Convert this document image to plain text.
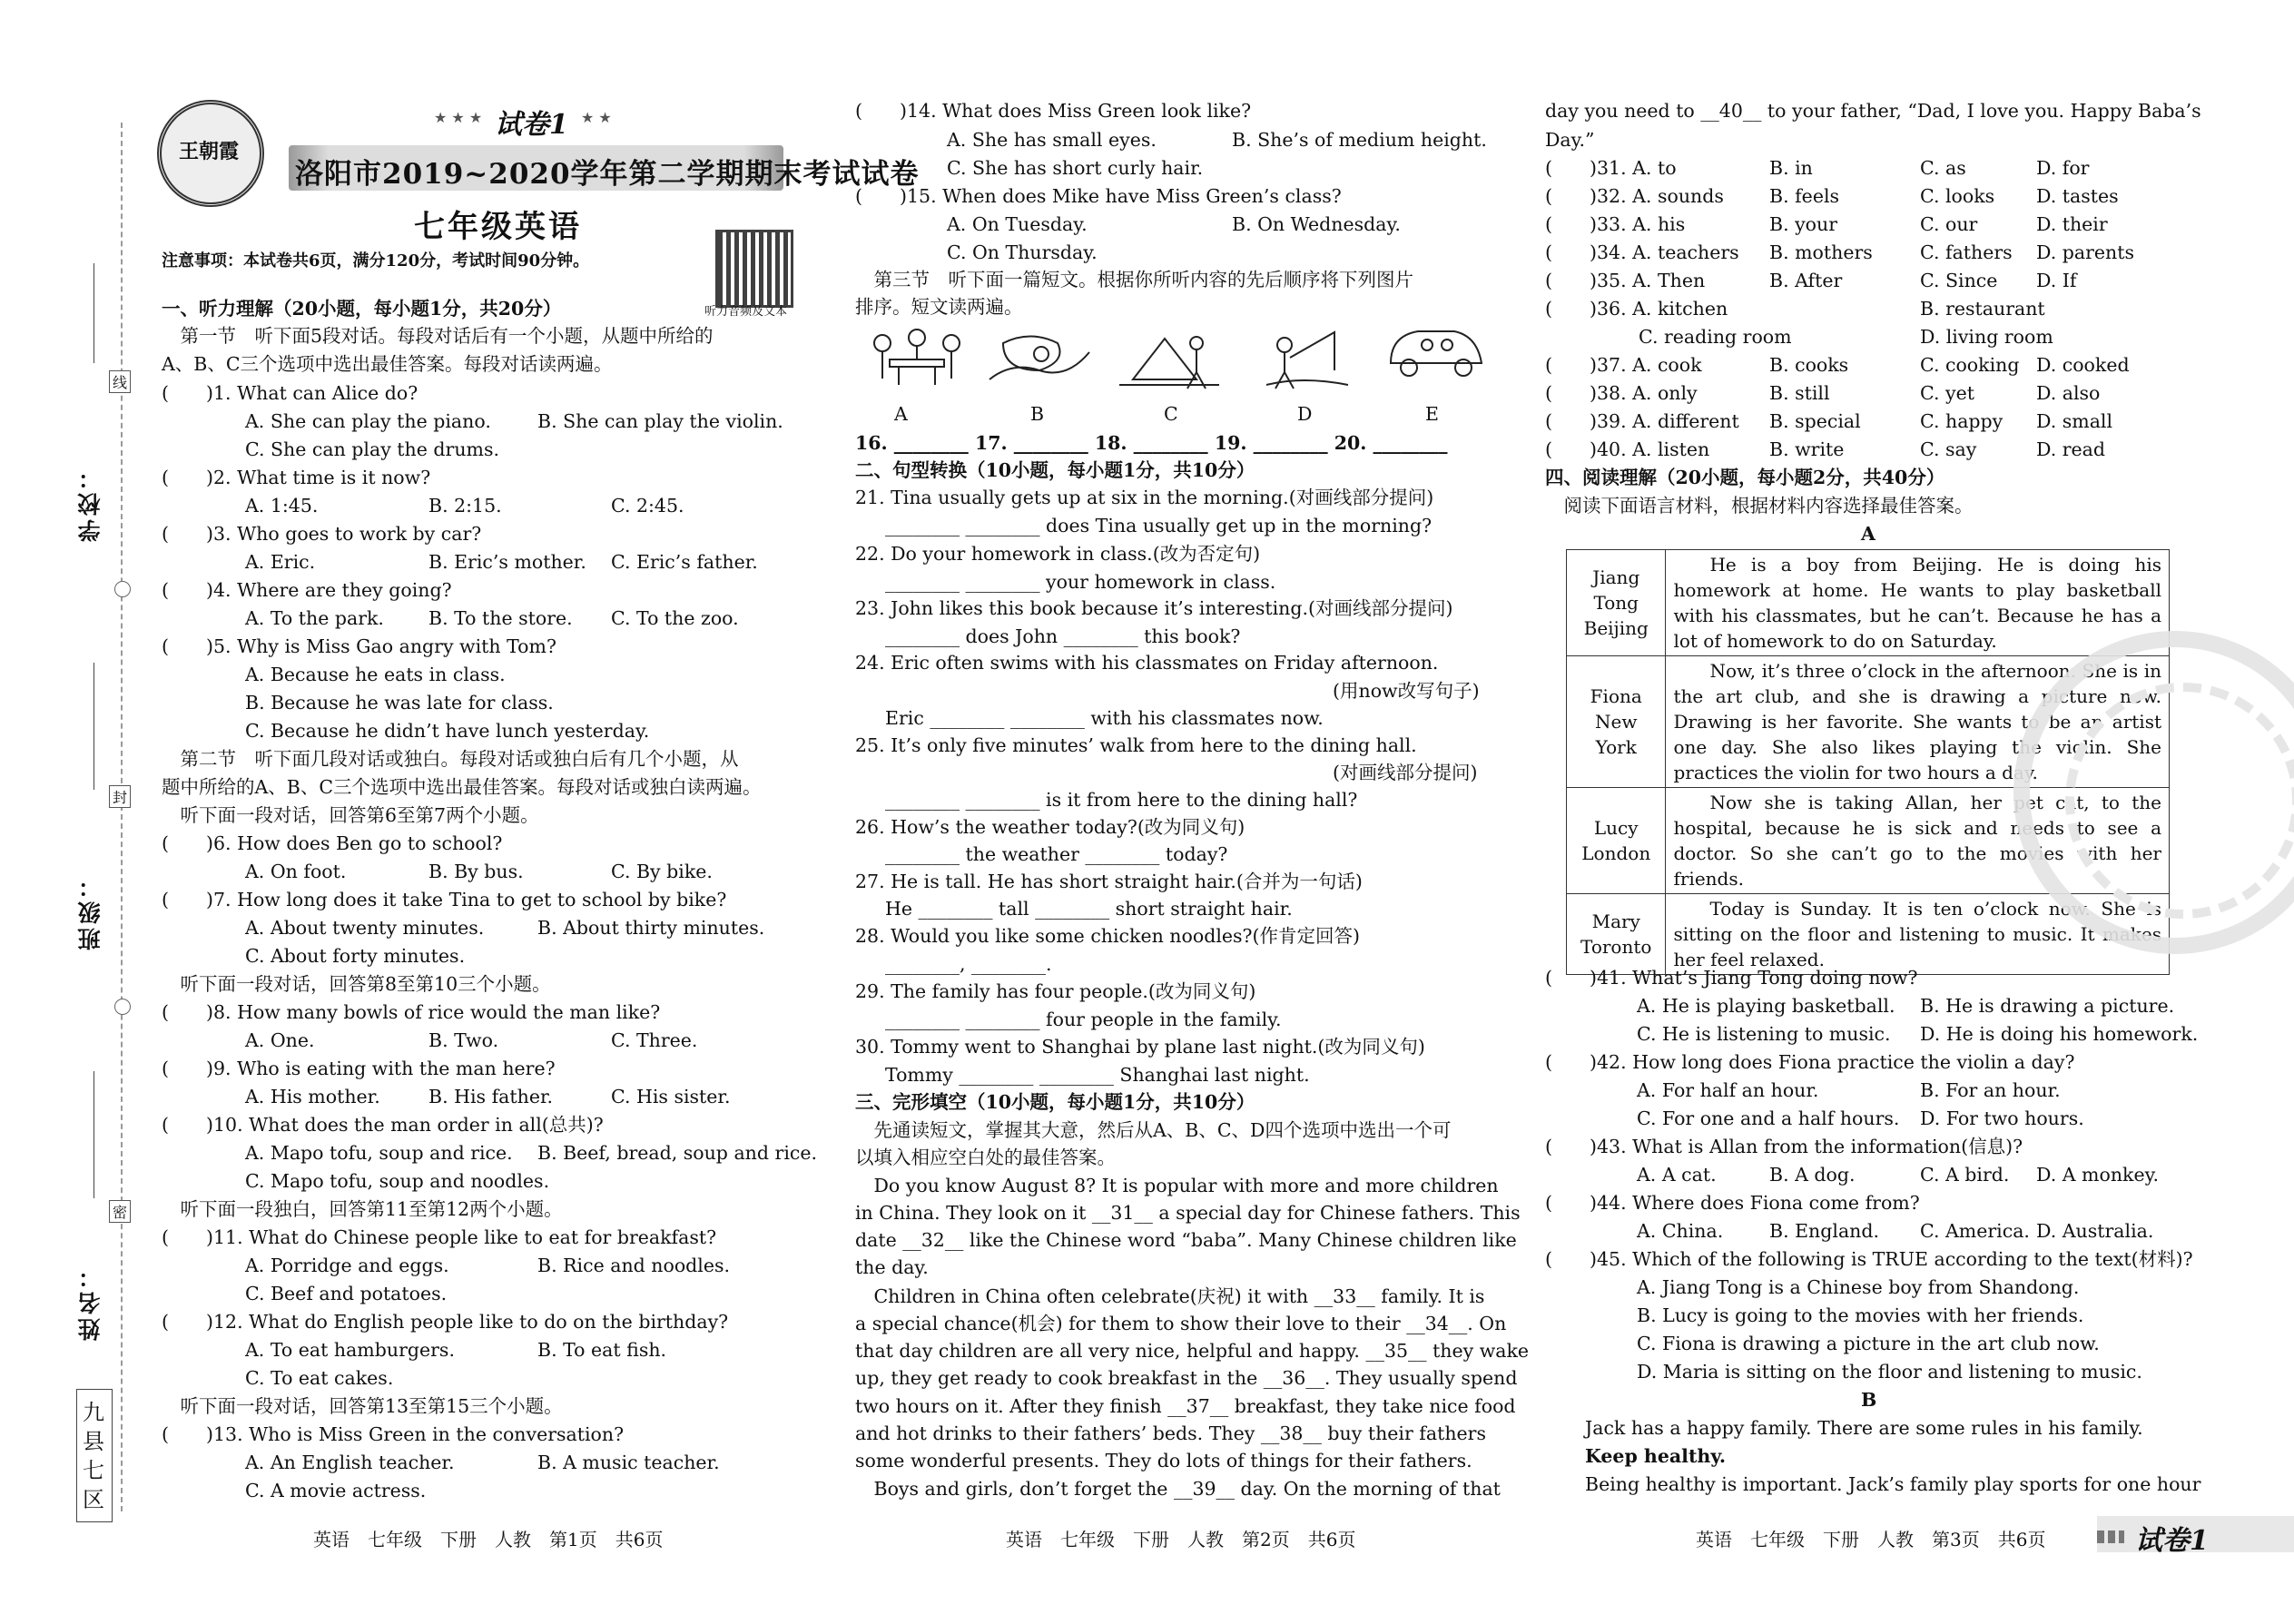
学校：
班级：
姓名：
线
封
密
九县七区
王朝霞
★ ★ ★ 试卷1 ★ ★
洛阳市2019~2020学年第二学期期末考试试卷
七年级英语
注意事项：本试卷共6页，满分120分，考试时间90分钟。
听力音频及文本
一、听力理解（20小题，每小题1分，共20分）
　第一节　听下面5段对话。每段对话后有一个小题，从题中所给的
A、B、C三个选项中选出最佳答案。每段对话读两遍。
(　　)1. What can Alice do?
A. She can play the piano. B. She can play the violin.
C. She can play the drums.
(　　)2. What time is it now?
A. 1:45.	B. 2:15.	C. 2:45.
(　　)3. Who goes to work by car?
A. Eric.	B. Eric’s mother. C. Eric’s father.
(　　)4. Where are they going?
A. To the park. B. To the store. C. To the zoo.
(　　)5. Why is Miss Gao angry with Tom?
A. Because he eats in class.
B. Because he was late for class.
C. Because he didn’t have lunch yesterday.
　第二节　听下面几段对话或独白。每段对话或独白后有几个小题，从
题中所给的A、B、C三个选项中选出最佳答案。每段对话或独白读两遍。
　听下面一段对话，回答第6至第7两个小题。
(　　)6. How does Ben go to school?
A. On foot.	B. By bus.	C. By bike.
(　　)7. How long does it take Tina to get to school by bike?
A. About twenty minutes.	B. About thirty minutes.
C. About forty minutes.
　听下面一段对话，回答第8至第10三个小题。
(　　)8. How many bowls of rice would the man like?
A. One.	B. Two.	C. Three.
(　　)9. Who is eating with the man here?
A. His mother.	B. His father.	C. His sister.
(　　)10. What does the man order in all(总共)?
A. Mapo tofu, soup and rice. B. Beef, bread, soup and rice.
C. Mapo tofu, soup and noodles.
　听下面一段独白，回答第11至第12两个小题。
(　　)11. What do Chinese people like to eat for breakfast?
A. Porridge and eggs.	B. Rice and noodles.
C. Beef and potatoes.
(　　)12. What do English people like to do on the birthday?
A. To eat hamburgers.	B. To eat fish.
C. To eat cakes.
　听下面一段对话，回答第13至第15三个小题。
(　　)13. Who is Miss Green in the conversation?
A. An English teacher.	B. A music teacher.
C. A movie actress.
英语　七年级　下册　人教　第1页　共6页
(　　)14. What does Miss Green look like?
A. She has small eyes.	B. She’s of medium height.
C. She has short curly hair.
(　　)15. When does Mike have Miss Green’s class?
A. On Tuesday.	B. On Wednesday.
C. On Thursday.
　第三节　听下面一篇短文。根据你所听内容的先后顺序将下列图片
排序。短文读两遍。
A	B	C	D	E
16. ________ 17. ________ 18. ________ 19. ________ 20. ________
二、句型转换（10小题，每小题1分，共10分）
21. Tina usually gets up at six in the morning.(对画线部分提问)
________ ________ does Tina usually get up in the morning?
22. Do your homework in class.(改为否定句)
________ ________ your homework in class.
23. John likes this book because it’s interesting.(对画线部分提问)
________ does John ________ this book?
24. Eric often swims with his classmates on Friday afternoon.
(用now改写句子)
Eric ________ ________ with his classmates now.
25. It’s only five minutes’ walk from here to the dining hall.
(对画线部分提问)
________ ________ is it from here to the dining hall?
26. How’s the weather today?(改为同义句)
________ the weather ________ today?
27. He is tall. He has short straight hair.(合并为一句话)
He ________ tall ________ short straight hair.
28. Would you like some chicken noodles?(作肯定回答)
________, ________.
29. The family has four people.(改为同义句)
________ ________ four people in the family.
30. Tommy went to Shanghai by plane last night.(改为同义句)
Tommy ________ ________ Shanghai last night.
三、完形填空（10小题，每小题1分，共10分）
　先通读短文，掌握其大意，然后从A、B、C、D四个选项中选出一个可
以填入相应空白处的最佳答案。
　Do you know August 8? It is popular with more and more children
in China. They look on it __31__ a special day for Chinese fathers. This
date __32__ like the Chinese word “baba”. Many Chinese children like
the day.
　Children in China often celebrate(庆祝) it with __33__ family. It is
a special chance(机会) for them to show their love to their __34__. On
that day children are all very nice, helpful and happy. __35__ they wake
up, they get ready to cook breakfast in the __36__. They usually spend
two hours on it. After they finish __37__ breakfast, they take nice food
and hot drinks to their fathers’ beds. They __38__ buy their fathers
some wonderful presents. They do lots of things for their fathers.
　Boys and girls, don’t forget the __39__ day. On the morning of that
英语　七年级　下册　人教　第2页　共6页
day you need to __40__ to your father, “Dad, I love you. Happy Baba’s
Day.”
(　　)31. A. to	B. in	C. as	D. for
(　　)32. A. sounds B. feels	C. looks D. tastes
(　　)33. A. his	B. your	C. our	D. their
(　　)34. A. teachers B. mothers	C. fathers D. parents
(　　)35. A. Then	B. After	C. Since D. If
(　　)36. A. kitchen	B. restaurant
C. reading room	D. living room
(　　)37. A. cook	B. cooks	C. cooking D. cooked
(　　)38. A. only	B. still	C. yet	D. also
(　　)39. A. different B. special	C. happy D. small
(　　)40. A. listen	B. write	C. say	D. read
四、阅读理解（20小题，每小题2分，共40分）
　阅读下面语言材料，根据材料内容选择最佳答案。
A
Jiang Tong Beijing	He is a boy from Beijing. He is doing his homework at home. He wants to play basketball with his classmates, but he can’t. Because he has a lot of homework to do on Saturday.
Fiona New York	Now, it’s three o’clock in the afternoon. She is in the art club, and she is drawing a picture now. Drawing is her favorite. She wants to be an artist one day. She also likes playing the violin. She practices the violin for two hours a day.
Lucy London	Now she is taking Allan, her pet cat, to the hospital, because he is sick and needs to see a doctor. So she can’t go to the movies with her friends.
Mary Toronto	Today is Sunday. It is ten o’clock now. She is sitting on the floor and listening to music. It makes her feel relaxed.
(　　)41. What’s Jiang Tong doing now?
A. He is playing basketball. B. He is drawing a picture.
C. He is listening to music. D. He is doing his homework.
(　　)42. How long does Fiona practice the violin a day?
A. For half an hour.	B. For an hour.
C. For one and a half hours. D. For two hours.
(　　)43. What is Allan from the information(信息)?
A. A cat.	B. A dog.	C. A bird. D. A monkey.
(　　)44. Where does Fiona come from?
A. China. B. England. C. America. D. Australia.
(　　)45. Which of the following is TRUE according to the text(材料)?
A. Jiang Tong is a Chinese boy from Shandong.
B. Lucy is going to the movies with her friends.
C. Fiona is drawing a picture in the art club now.
D. Maria is sitting on the floor and listening to music.
B
Jack has a happy family. There are some rules in his family.
Keep healthy.
Being healthy is important. Jack’s family play sports for one hour
英语　七年级　下册　人教　第3页　共6页	试卷1
